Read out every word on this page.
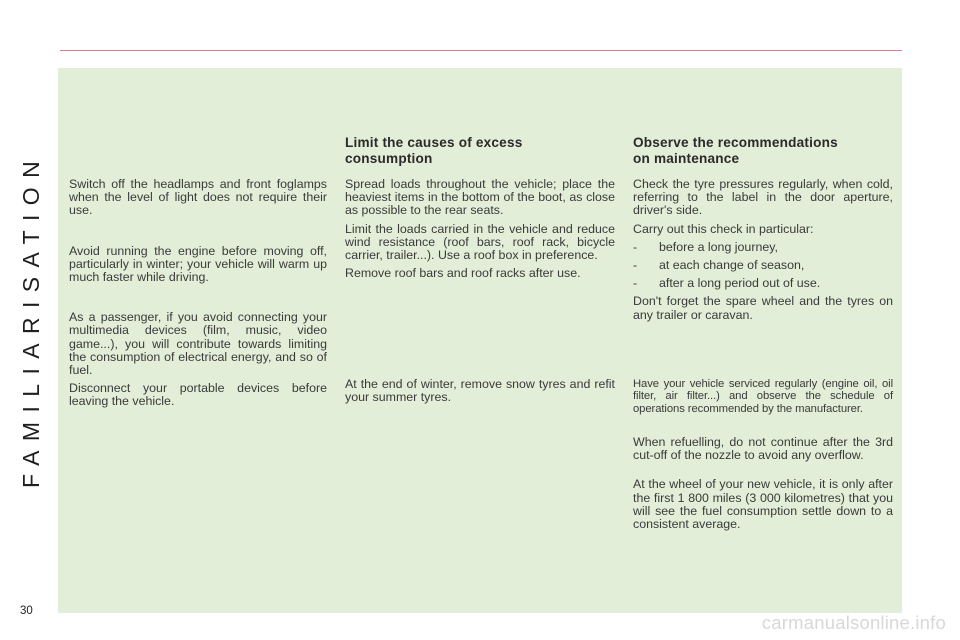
FAMILIARISATION
30

Switch off the headlamps and front foglamps when the level of light does not require their use.

Avoid running the engine before moving off, particularly in winter; your vehicle will warm up much faster while driving.

As a passenger, if you avoid connecting your multimedia devices (film, music, video game...), you will contribute towards limiting the consumption of electrical energy, and so of fuel.

Disconnect your portable devices before leaving the vehicle.

Limit the causes of excess
consumption

Spread loads throughout the vehicle; place the heaviest items in the bottom of the boot, as close as possible to the rear seats.

Limit the loads carried in the vehicle and reduce wind resistance (roof bars, roof rack, bicycle carrier, trailer...). Use a roof box in preference.

Remove roof bars and roof racks after use.

At the end of winter, remove snow tyres and refit your summer tyres.

Observe the recommendations
on maintenance

Check the tyre pressures regularly, when cold, referring to the label in the door aperture, driver's side.

Carry out this check in particular:

- before a long journey,

- at each change of season,

- after a long period out of use.

Don't forget the spare wheel and the tyres on any trailer or caravan.

Have your vehicle serviced regularly (engine oil, oil filter, air filter...) and observe the schedule of operations recommended by the manufacturer.

When refuelling, do not continue after the 3rd cut-off of the nozzle to avoid any overflow.

At the wheel of your new vehicle, it is only after the first 1 800 miles (3 000 kilometres) that you will see the fuel consumption settle down to a consistent average.

carmanualsonline.info
